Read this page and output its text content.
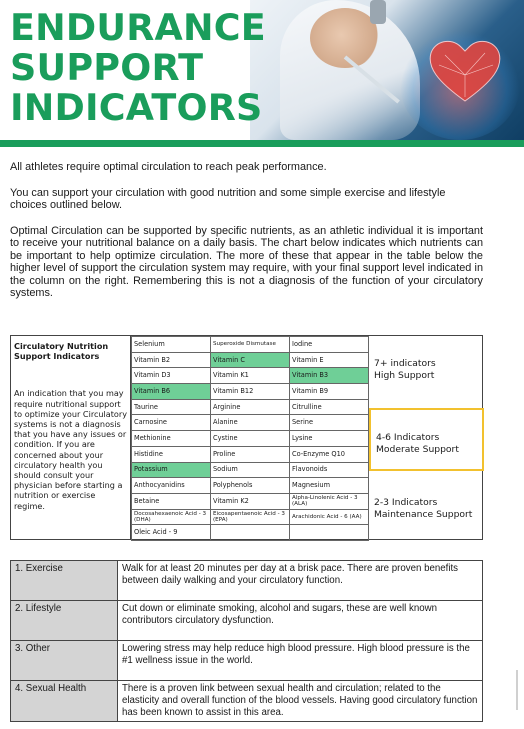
ENDURANCE
SUPPORT
INDICATORS

All athletes require optimal circulation to reach peak performance.

You can support your circulation with good nutrition and some simple exercise and lifestyle choices outlined below.

Optimal Circulation can be supported by specific nutrients, as an athletic individual it is important to receive your nutritional balance on a daily basis. The chart below indicates which nutrients can be important to help optimize circulation. The more of these that appear in the table below the higher level of support the circulation system may require, with your final support level indicated in the column on the right. Remembering this is not a diagnosis of the function of your circulatory systems.

Circulatory Nutrition Support Indicators
An indication that you may require nutritional support to optimize your Circulatory systems is not a diagnosis that you have any issues or condition. If you are concerned about your circulatory health you should consult your physician before starting a nutrition or exercise regime.
Selenium	Superoxide Dismutase	Iodine
Vitamin B2	Vitamin C	Vitamin E
Vitamin D3	Vitamin K1	Vitamin B3
Vitamin B6	Vitamin B12	Vitamin B9
Taurine	Arginine	Citrulline
Carnosine	Alanine	Serine
Methionine	Cystine	Lysine
Histidine	Proline	Co-Enzyme Q10
Potassium	Sodium	Flavonoids
Anthocyanidins	Polyphenols	Magnesium
Betaine	Vitamin K2	Alpha-Linolenic Acid - 3 (ALA)
Docosahexaenoic Acid - 3 (DHA)	Eicosapentaenoic Acid - 3 (EPA)	Arachidonic Acid - 6 (AA)
Oleic Acid - 9		
7+ indicators
High Support
4-6 Indicators
Moderate Support
2-3 Indicators
Maintenance Support
1. Exercise	Walk for at least 20 minutes per day at a brisk pace. There are proven benefits between daily walking and your circulatory function.
2. Lifestyle	Cut down or eliminate smoking, alcohol and sugars, these are well known contributors circulatory dysfunction.
3. Other	Lowering stress may help reduce high blood pressure. High blood pressure is the #1 wellness issue in the world.
4. Sexual Health	There is a proven link between sexual health and circulation; related to the elasticity and overall function of the blood vessels. Having good circulatory function has been known to assist in this area.
